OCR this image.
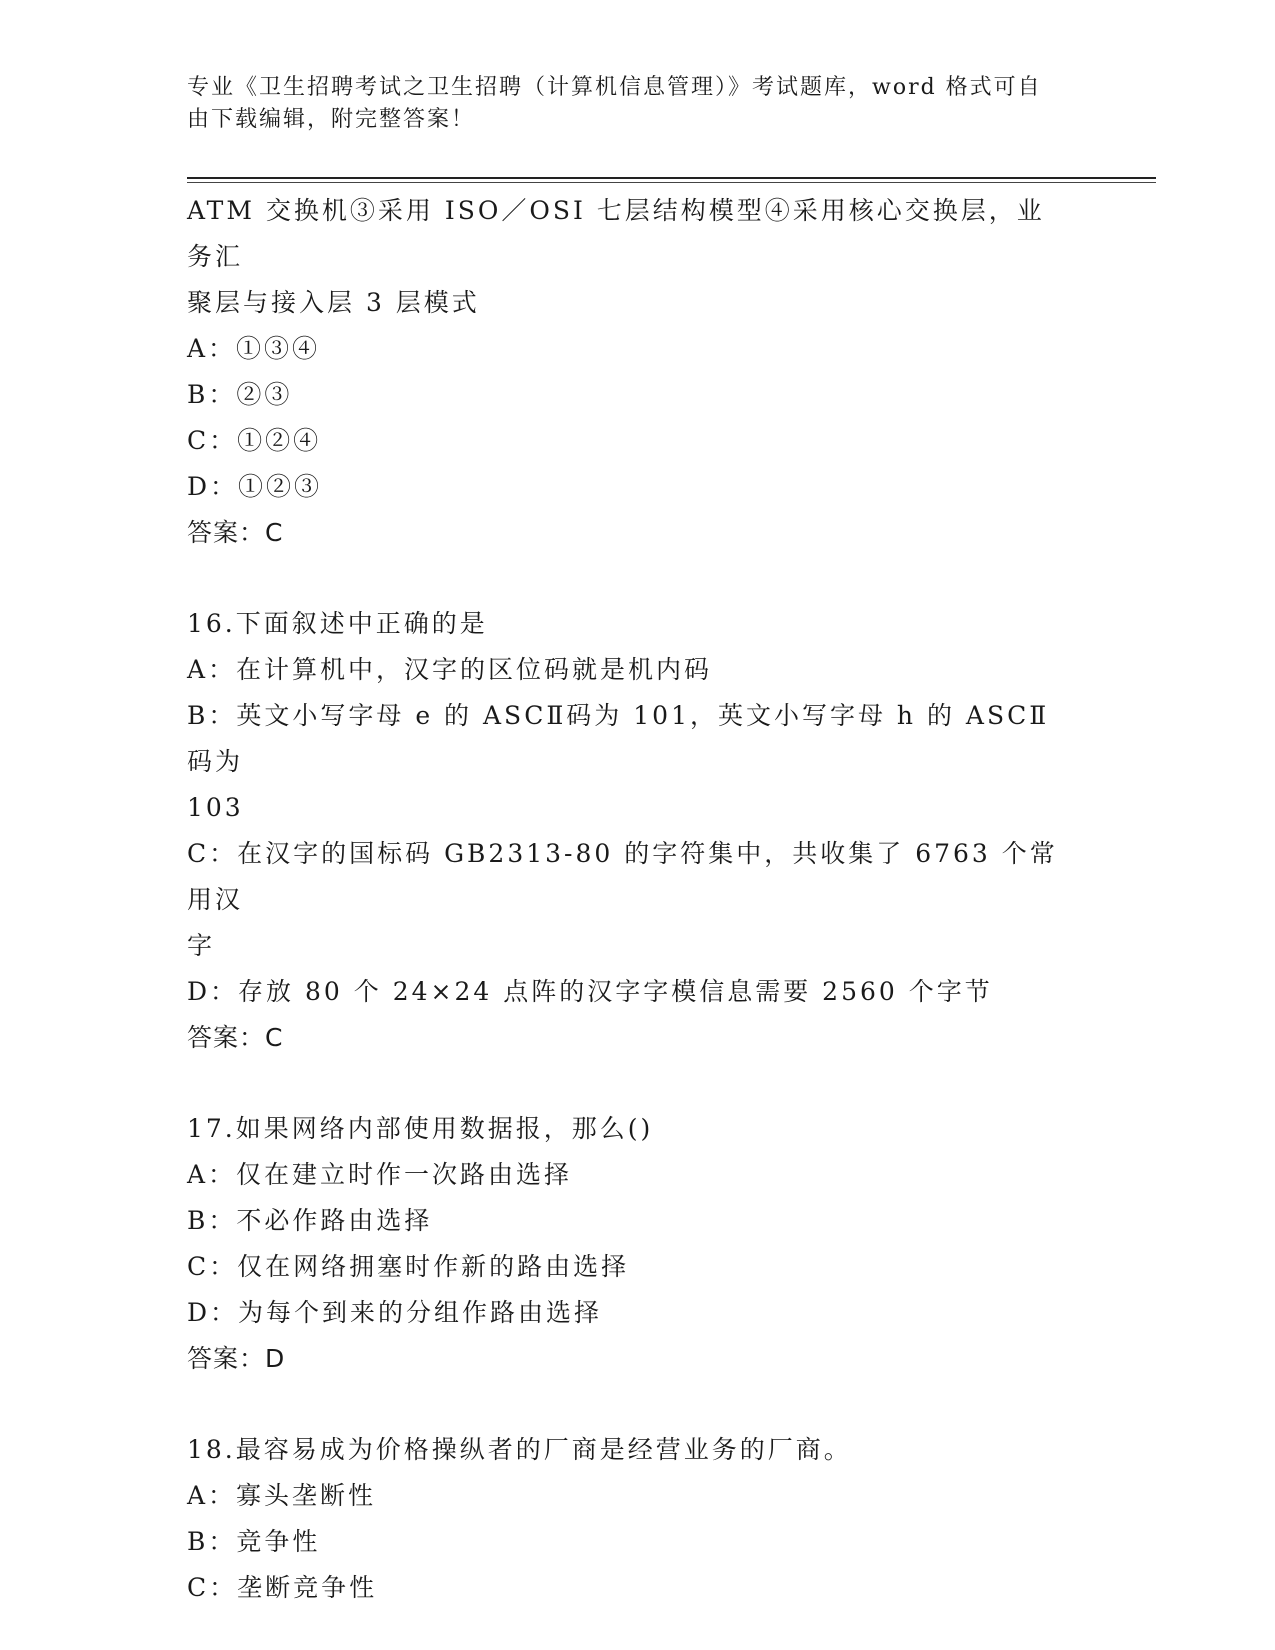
专业《卫生招聘考试之卫生招聘（计算机信息管理）》考试题库，word 格式可自

由下载编辑，附完整答案！

ATM 交换机③采用 ISO／OSI 七层结构模型④采用核心交换层，业务汇

聚层与接入层 3 层模式

A：①③④

B：②③

C：①②④

D：①②③

答案：C

16.下面叙述中正确的是

A：在计算机中，汉字的区位码就是机内码

B：英文小写字母 e 的 ASCⅡ码为 101，英文小写字母 h 的 ASCⅡ码为

103

C：在汉字的国标码 GB2313-80 的字符集中，共收集了 6763 个常用汉

字

D：存放 80 个 24×24 点阵的汉字字模信息需要 2560 个字节

答案：C

17.如果网络内部使用数据报，那么()

A：仅在建立时作一次路由选择

B：不必作路由选择

C：仅在网络拥塞时作新的路由选择

D：为每个到来的分组作路由选择

答案：D

18.最容易成为价格操纵者的厂商是经营业务的厂商。

A：寡头垄断性

B：竞争性

C：垄断竞争性
